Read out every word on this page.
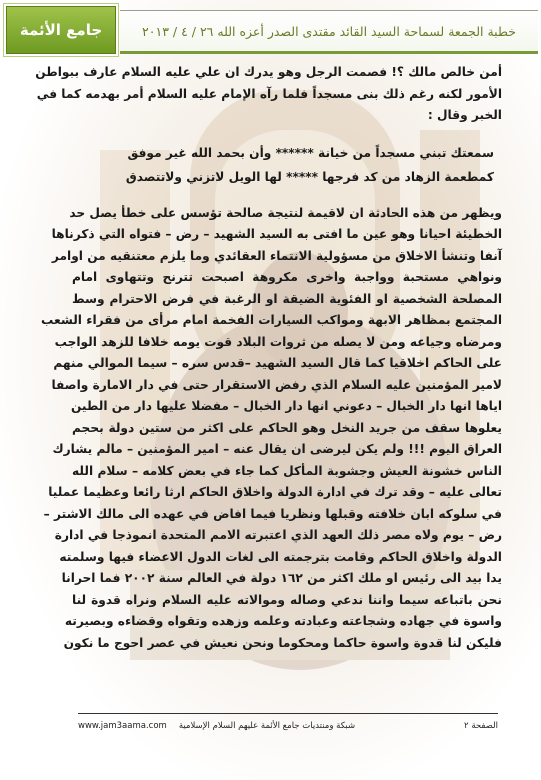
جامع الأئمة	خطبة الجمعة لسماحة السيد القائد مقتدى الصدر أعزه الله ٢٦ / ٤ / ٢٠١٣
أمن خالص مالك ؟! فصمت الرجل وهو يدرك ان علي عليه السلام عارف ببواطن
الأمور لكنه رغم ذلك بنى مسجداً فلما رآه الإمام عليه السلام أمر بهدمه كما في
الخبر وقال :
سمعتك تبني مسجداً من خيانة ****** وأن بحمد الله غير موفق
كمطعمة الزهاد من كد فرجها ***** لها الويل لاتزني ولاتتصدق
ويظهر من هذه الحادثة ان لاقيمة لنتيجة صالحة تؤسس على خطأ يصل حد
الخطيئة احيانا وهو عين ما افتى به السيد الشهيد – رض – فتواه التي ذكرناها
آنفا وتنشأ الاخلاق من مسؤولية الانتماء العقائدي وما يلزم معتنقيه من اوامر
ونواهي مستحبة وواجبة واخرى مكروهة اصبحت تترنح وتتهاوى امام
المصلحة الشخصية او الفئوية الضيقة او الرغبة في فرض الاحترام وسط
المجتمع بمظاهر الابهة ومواكب السيارات الفخمة امام مرأى من فقراء الشعب
ومرضاه وجياعه ومن لا يصله من ثروات البلاد قوت يومه خلافا للزهد الواجب
على الحاكم اخلاقيا كما قال السيد الشهيد –قدس سره – سيما الموالي منهم
لامير المؤمنين عليه السلام الذي رفض الاستقرار حتى في دار الامارة واصفا
اياها انها دار الخبال – دعوني انها دار الخبال – مفضلا عليها دار من الطين
يعلوها سقف من جريد النخل وهو الحاكم على اكثر من ستين دولة بحجم
العراق اليوم !!! ولم يكن ليرضى ان يقال عنه – امير المؤمنين – مالم يشارك
الناس خشونة العيش وجشوبة المأكل كما جاء في بعض كلامه – سلام الله
تعالى عليه – وقد ترك في ادارة الدولة واخلاق الحاكم ارثا رائعا وعظيما عمليا
في سلوكه ابان خلافته وقبلها ونظريا فيما افاض في عهده الى مالك الاشتر –
رض – يوم ولاه مصر ذلك العهد الذي اعتبرته الامم المتحدة انموذجا في ادارة
الدولة واخلاق الحاكم وقامت بترجمته الى لغات الدول الاعضاء فيها وسلمته
يدا بيد الى رئيس او ملك اكثر من ١٦٢ دولة في العالم سنة ٢٠٠٢ فما احرانا
نحن باتباعه سيما واننا ندعي وصاله وموالاته عليه السلام ونراه قدوة لنا
واسوة في جهاده وشجاعته وعبادته وعلمه وزهده وتقواه وقضاءه وبصيرته
فليكن لنا قدوة واسوة حاكما ومحكوما ونحن نعيش في عصر احوج ما نكون
شبكة ومنتديات جامع الأئمة عليهم السلام الإسلامية
www.jam3aama.com	الصفحة ٢
